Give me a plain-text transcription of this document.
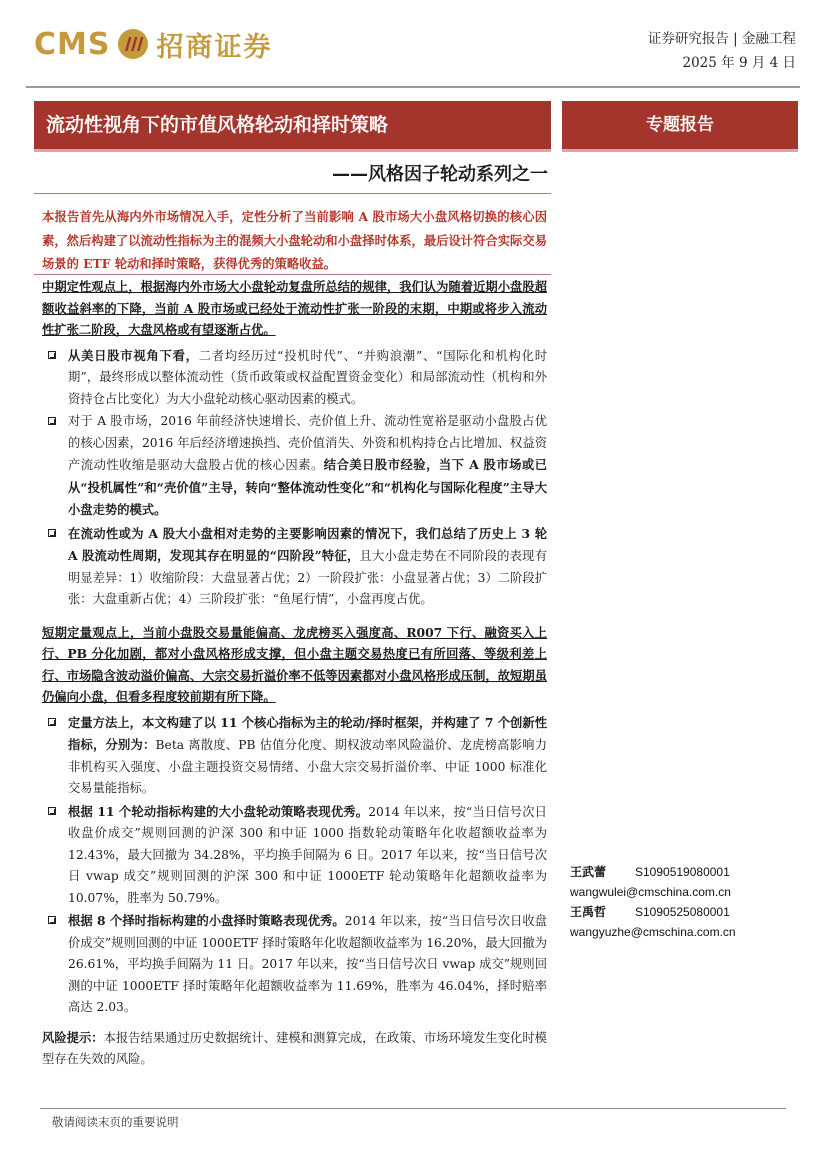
CMS 招商证券	证券研究报告 | 金融工程
2025 年 9 月 4 日
流动性视角下的市值风格轮动和择时策略	专题报告
——风格因子轮动系列之一
本报告首先从海内外市场情况入手，定性分析了当前影响 A 股市场大小盘风格切换的核心因素，然后构建了以流动性指标为主的混频大小盘轮动和小盘择时体系，最后设计符合实际交易场景的 ETF 轮动和择时策略，获得优秀的策略收益。

中期定性观点上，根据海内外市场大小盘轮动复盘所总结的规律，我们认为随着近期小盘股超额收益斜率的下降，当前 A 股市场或已经处于流动性扩张一阶段的末期，中期或将步入流动性扩张二阶段，大盘风格或有望逐渐占优。

从美日股市视角下看，二者均经历过“投机时代”、“并购浪潮”、“国际化和机构化时期”，最终形成以整体流动性（货币政策或权益配置资金变化）和局部流动性（机构和外资持仓占比变化）为大小盘轮动核心驱动因素的模式。
对于 A 股市场，2016 年前经济快速增长、壳价值上升、流动性宽裕是驱动小盘股占优的核心因素，2016 年后经济增速换挡、壳价值消失、外资和机构持仓占比增加、权益资产流动性收缩是驱动大盘股占优的核心因素。结合美日股市经验，当下 A 股市场或已从“投机属性”和“壳价值”主导，转向“整体流动性变化”和“机构化与国际化程度”主导大小盘走势的模式。
在流动性或为 A 股大小盘相对走势的主要影响因素的情况下，我们总结了历史上 3 轮 A 股流动性周期，发现其存在明显的“四阶段”特征，且大小盘走势在不同阶段的表现有明显差异：1）收缩阶段：大盘显著占优；2）一阶段扩张：小盘显著占优；3）二阶段扩张：大盘重新占优；4）三阶段扩张：“鱼尾行情”，小盘再度占优。

短期定量观点上，当前小盘股交易量能偏高、龙虎榜买入强度高、R007 下行、融资买入上行、PB 分化加剧，都对小盘风格形成支撑，但小盘主题交易热度已有所回落、等级利差上行、市场隐含波动溢价偏高、大宗交易折溢价率不低等因素都对小盘风格形成压制，故短期虽仍偏向小盘，但看多程度较前期有所下降。

定量方法上，本文构建了以 11 个核心指标为主的轮动/择时框架，并构建了 7 个创新性指标，分别为：Beta 离散度、PB 估值分化度、期权波动率风险溢价、龙虎榜高影响力非机构买入强度、小盘主题投资交易情绪、小盘大宗交易折溢价率、中证 1000 标准化交易量能指标。
根据 11 个轮动指标构建的大小盘轮动策略表现优秀。2014 年以来，按“当日信号次日收盘价成交”规则回测的沪深 300 和中证 1000 指数轮动策略年化收超额收益率为 12.43%，最大回撤为 34.28%，平均换手间隔为 6 日。2017 年以来，按“当日信号次日 vwap 成交”规则回测的沪深 300 和中证 1000ETF 轮动策略年化超额收益率为 10.07%，胜率为 50.79%。
根据 8 个择时指标构建的小盘择时策略表现优秀。2014 年以来，按“当日信号次日收盘价成交”规则回测的中证 1000ETF 择时策略年化收超额收益率为 16.20%，最大回撤为 26.61%，平均换手间隔为 11 日。2017 年以来，按“当日信号次日 vwap 成交”规则回测的中证 1000ETF 择时策略年化超额收益率为 11.69%，胜率为 46.04%，择时赔率高达 2.03。

风险提示：本报告结果通过历史数据统计、建模和测算完成，在政策、市场环境发生变化时模型存在失效的风险。

王武蕾 S1090519080001
wangwulei@cmschina.com.cn
王禹哲 S1090525080001
wangyuzhe@cmschina.com.cn
敬请阅读末页的重要说明
